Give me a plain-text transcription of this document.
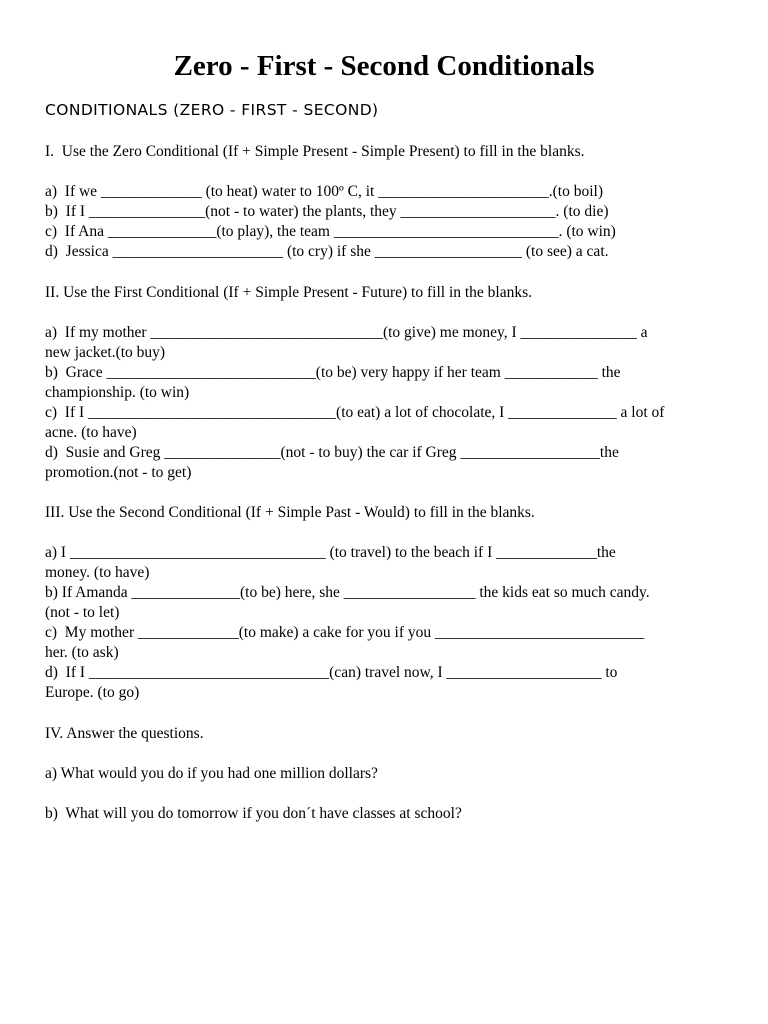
Zero - First - Second Conditionals
CONDITIONALS (ZERO - FIRST - SECOND)
I.  Use the Zero Conditional (If + Simple Present - Simple Present) to fill in the blanks.
a)  If we _____________ (to heat) water to 100º C, it ______________________.(to boil)
b)  If I _______________(not - to water) the plants, they ____________________. (to die)
c)  If Ana ______________(to play), the team _____________________________. (to win)
d)  Jessica ______________________ (to cry) if she ___________________ (to see) a cat.
II. Use the First Conditional (If + Simple Present - Future) to fill in the blanks.
a)  If my mother ______________________________(to give) me money, I _______________ a
new jacket.(to buy)
b)  Grace ___________________________(to be) very happy if her team ____________ the
championship. (to win)
c)  If I ________________________________(to eat) a lot of chocolate, I ______________ a lot of
acne. (to have)
d)  Susie and Greg _______________(not - to buy) the car if Greg __________________the
promotion.(not - to get)
III. Use the Second Conditional (If + Simple Past - Would) to fill in the blanks.
a) I _________________________________ (to travel) to the beach if I _____________the
money. (to have)
b) If Amanda ______________(to be) here, she _________________ the kids eat so much candy.
(not - to let)
c)  My mother _____________(to make) a cake for you if you ___________________________
her. (to ask)
d)  If I _______________________________(can) travel now, I ____________________ to
Europe. (to go)
IV. Answer the questions.
a) What would you do if you had one million dollars?
b)  What will you do tomorrow if you don´t have classes at school?
